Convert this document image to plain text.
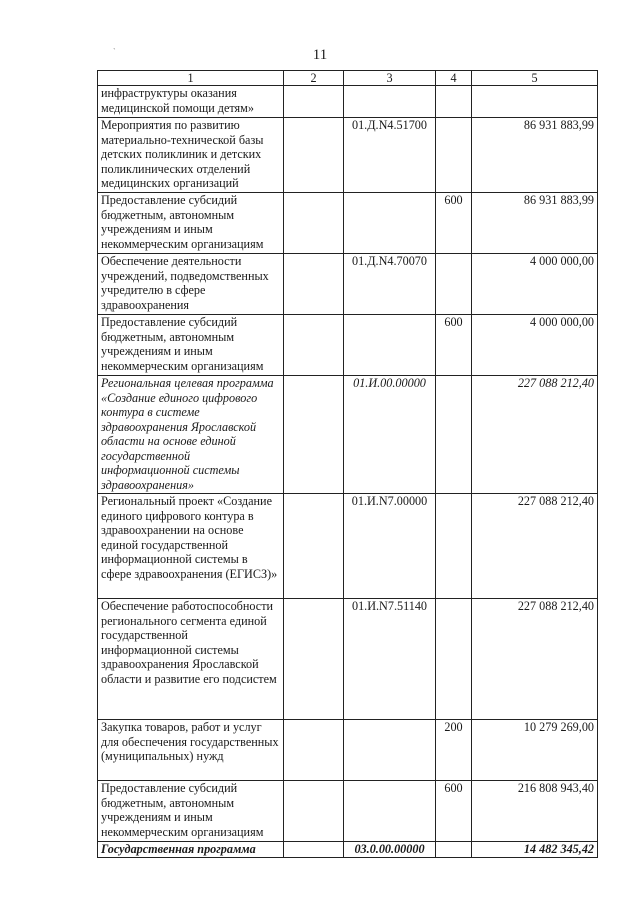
11
`
1	2	3	4	5
инфраструктуры оказания медицинской помощи детям»				
Мероприятия по развитию материально-технической базы детских поликлиник и детских поликлинических отделений медицинских организаций		01.Д.N4.51700		86 931 883,99
Предоставление субсидий бюджетным, автономным учреждениям и иным некоммерческим организациям			600	86 931 883,99
Обеспечение деятельности учреждений, подведомственных учредителю в сфере здравоохранения		01.Д.N4.70070		4 000 000,00
Предоставление субсидий бюджетным, автономным учреждениям и иным некоммерческим организациям			600	4 000 000,00
Региональная целевая программа «Создание единого цифрового контура в системе здравоохранения Ярославской области на основе единой государственной информационной системы здравоохранения»		01.И.00.00000		227 088 212,40
Региональный проект «Создание единого цифрового контура в здравоохранении на основе единой государственной информационной системы в сфере здравоохранения (ЕГИСЗ)»		01.И.N7.00000		227 088 212,40
Обеспечение работоспособности регионального сегмента единой государственной информационной системы здравоохранения Ярославской области и развитие его подсистем		01.И.N7.51140		227 088 212,40
Закупка товаров, работ и услуг для обеспечения государственных (муниципальных) нужд			200	10 279 269,00
Предоставление субсидий бюджетным, автономным учреждениям и иным некоммерческим организациям			600	216 808 943,40
Государственная программа		03.0.00.00000		14 482 345,42
